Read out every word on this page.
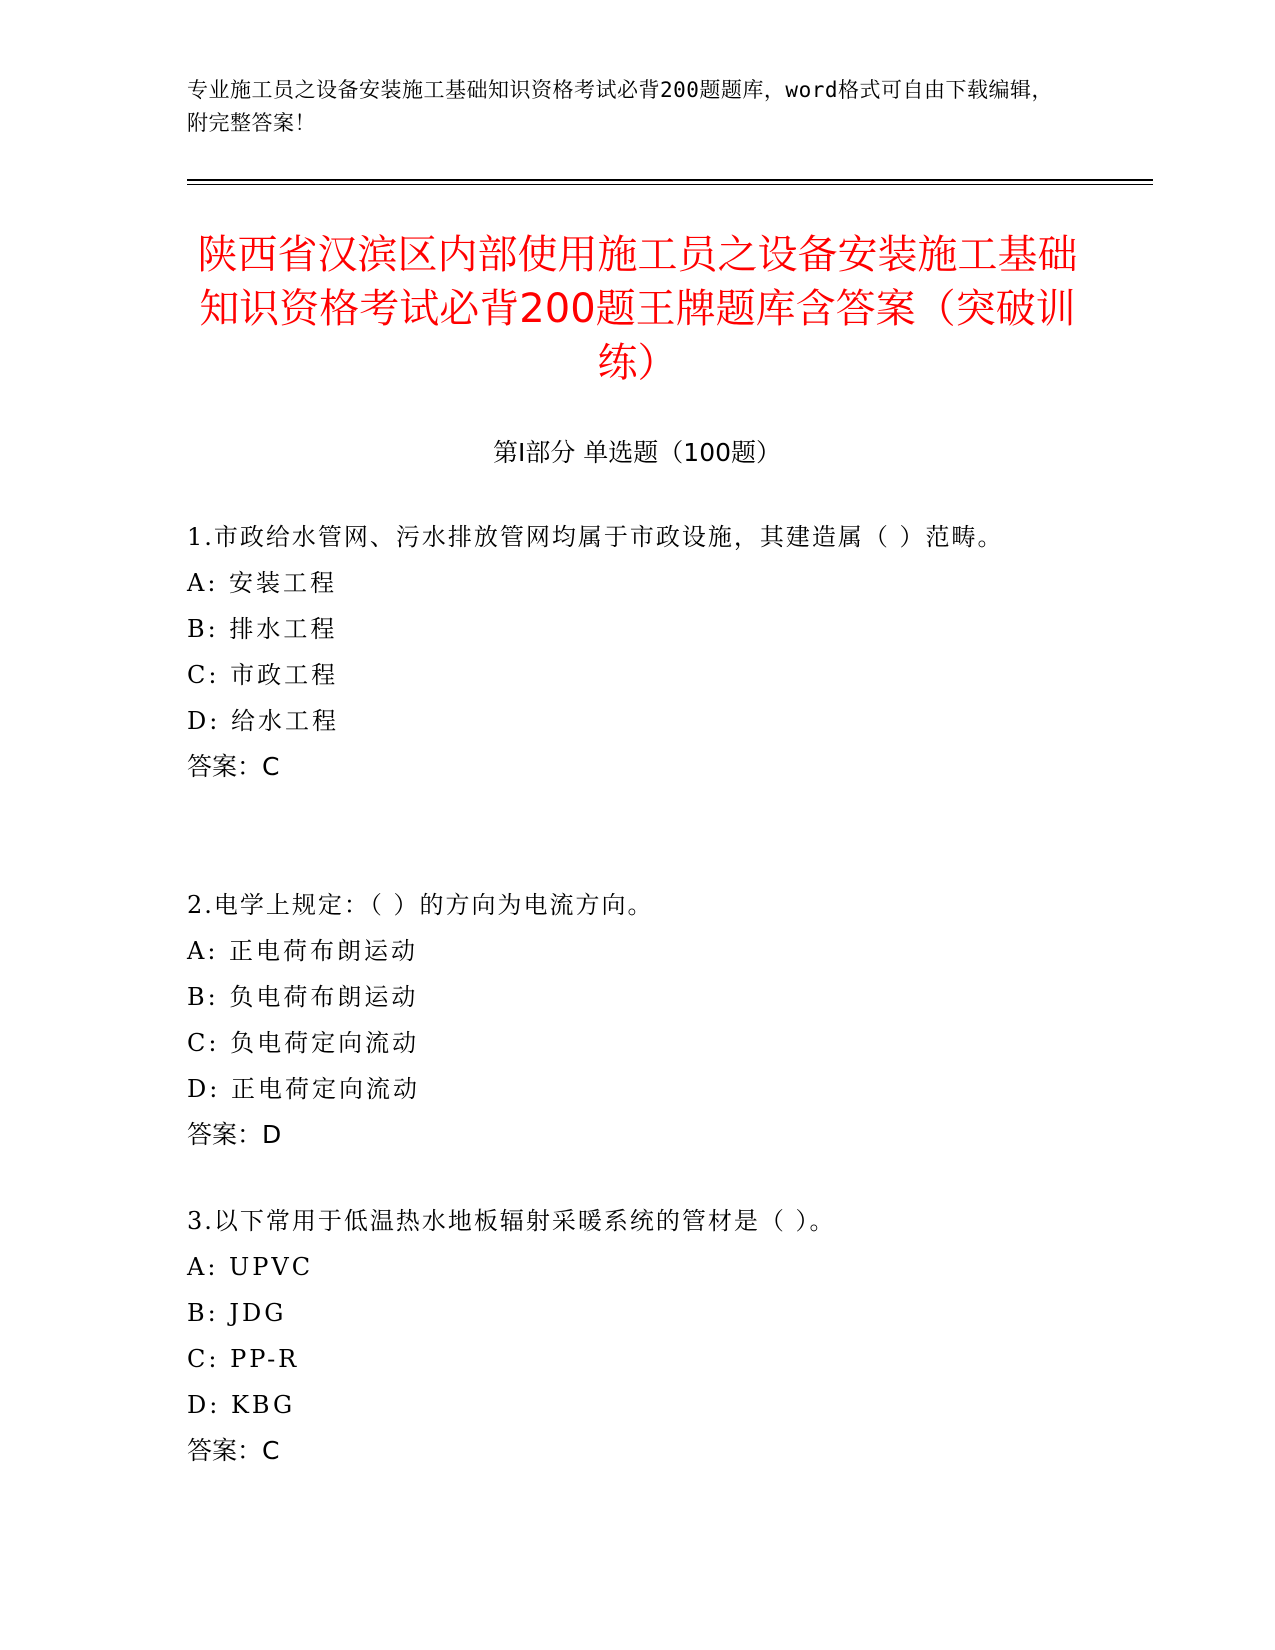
专业施工员之设备安装施工基础知识资格考试必背200题题库，word格式可自由下载编辑，附完整答案！
陕西省汉滨区内部使用施工员之设备安装施工基础知识资格考试必背200题王牌题库含答案（突破训练）
第Ⅰ部分 单选题（100题）

1.市政给水管网、污水排放管网均属于市政设施，其建造属（ ）范畴。

A: 安装工程

B: 排水工程

C: 市政工程

D: 给水工程

答案：C

2.电学上规定：（ ）的方向为电流方向。

A: 正电荷布朗运动

B: 负电荷布朗运动

C: 负电荷定向流动

D: 正电荷定向流动

答案：D

3.以下常用于低温热水地板辐射采暖系统的管材是（ ）。

A: UPVC

B: JDG

C: PP-R

D: KBG

答案：C
